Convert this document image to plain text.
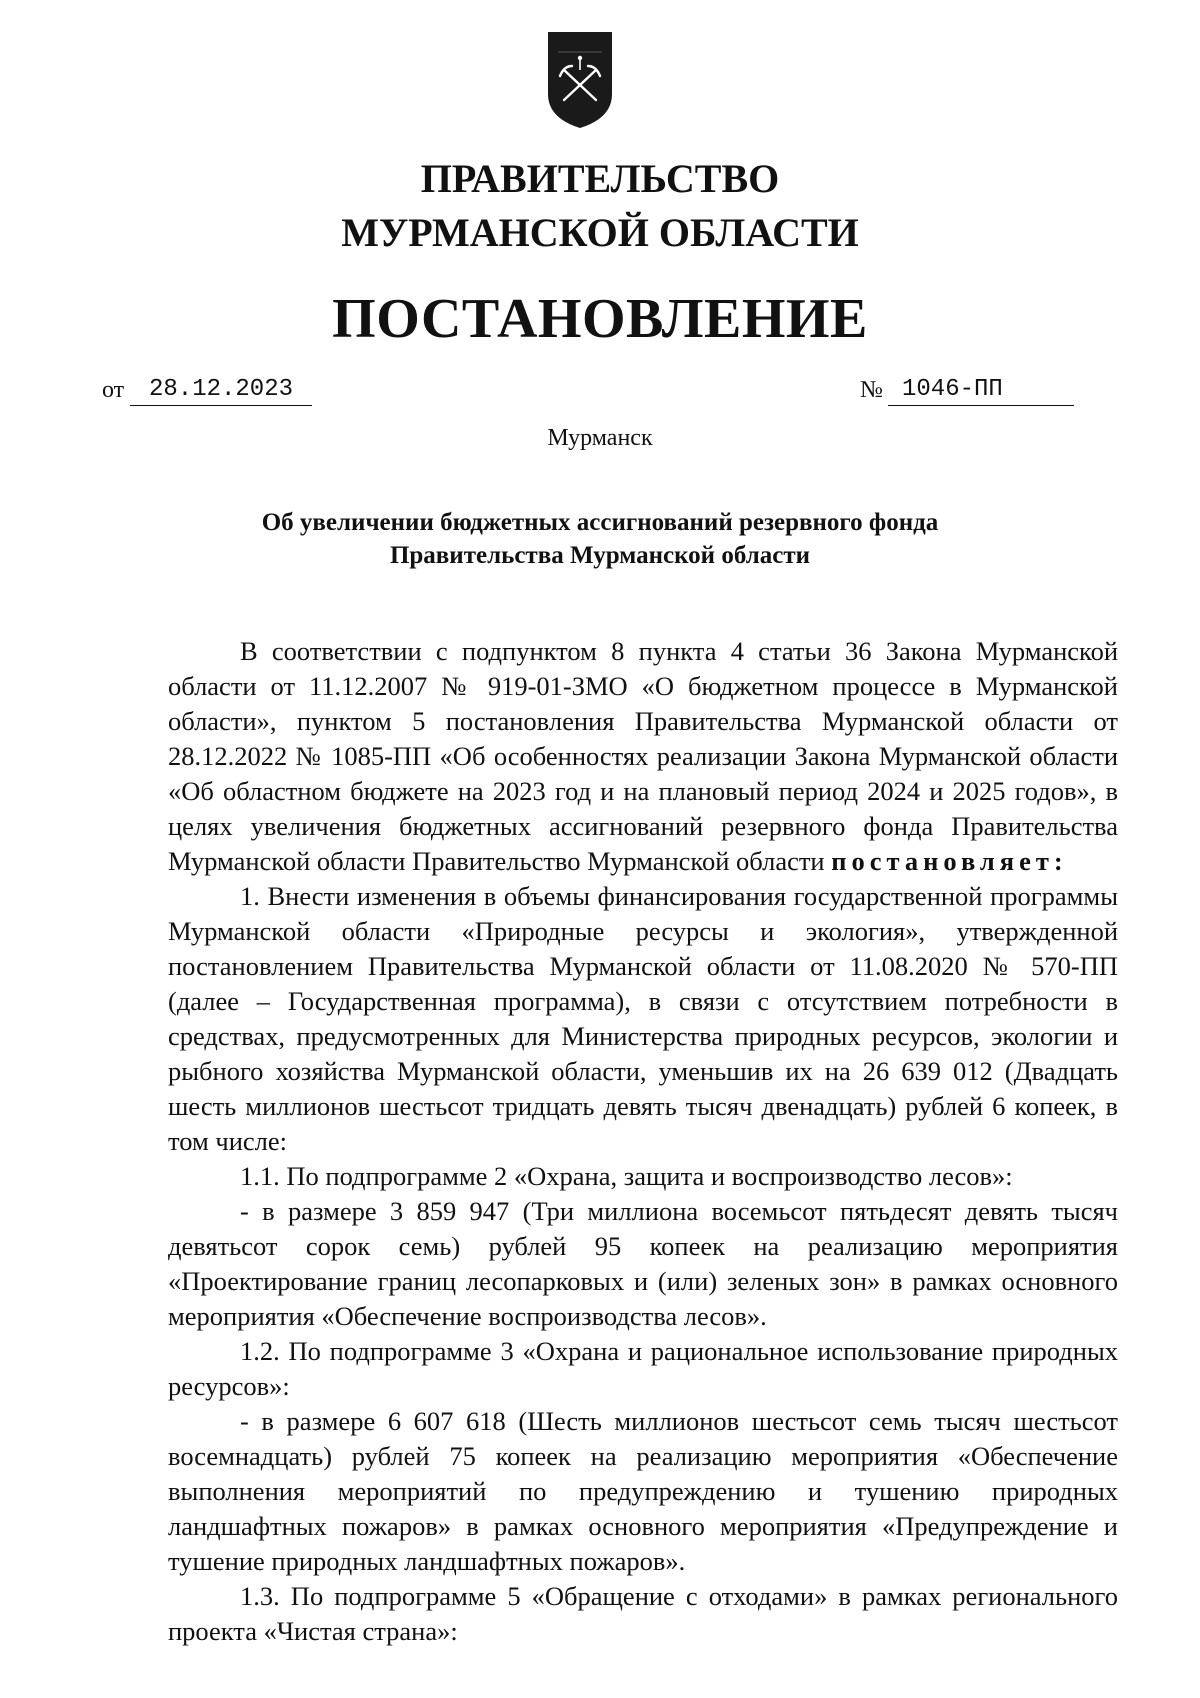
ПРАВИТЕЛЬСТВО
МУРМАНСКОЙ ОБЛАСТИ
ПОСТАНОВЛЕНИЕ
от	28.12.2023	№ 1046-ПП
Мурманск
Об увеличении бюджетных ассигнований резервного фонда
Правительства Мурманской области

В соответствии с подпунктом 8 пункта 4 статьи 36 Закона Мурманской области от 11.12.2007 № 919-01-ЗМО «О бюджетном процессе в Мурманской области», пунктом 5 постановления Правительства Мурманской области от 28.12.2022 № 1085-ПП «Об особенностях реализации Закона Мурманской области «Об областном бюджете на 2023 год и на плановый период 2024 и 2025 годов», в целях увеличения бюджетных ассигнований резервного фонда Правительства Мурманской области Правительство Мурманской области постановляет:

1. Внести изменения в объемы финансирования государственной программы Мурманской области «Природные ресурсы и экология», утвержденной постановлением Правительства Мурманской области от 11.08.2020 № 570-ПП (далее – Государственная программа), в связи с отсутствием потребности в средствах, предусмотренных для Министерства природных ресурсов, экологии и рыбного хозяйства Мурманской области, уменьшив их на 26 639 012 (Двадцать шесть миллионов шестьсот тридцать девять тысяч двенадцать) рублей 6 копеек, в том числе:

1.1. По подпрограмме 2 «Охрана, защита и воспроизводство лесов»:

- в размере 3 859 947 (Три миллиона восемьсот пятьдесят девять тысяч девятьсот сорок семь) рублей 95 копеек на реализацию мероприятия «Проектирование границ лесопарковых и (или) зеленых зон» в рамках основного мероприятия «Обеспечение воспроизводства лесов».

1.2. По подпрограмме 3 «Охрана и рациональное использование природных ресурсов»:

- в размере 6 607 618 (Шесть миллионов шестьсот семь тысяч шестьсот восемнадцать) рублей 75 копеек на реализацию мероприятия «Обеспечение выполнения мероприятий по предупреждению и тушению природных ландшафтных пожаров» в рамках основного мероприятия «Предупреждение и тушение природных ландшафтных пожаров».

1.3. По подпрограмме 5 «Обращение с отходами» в рамках регионального проекта «Чистая страна»:
